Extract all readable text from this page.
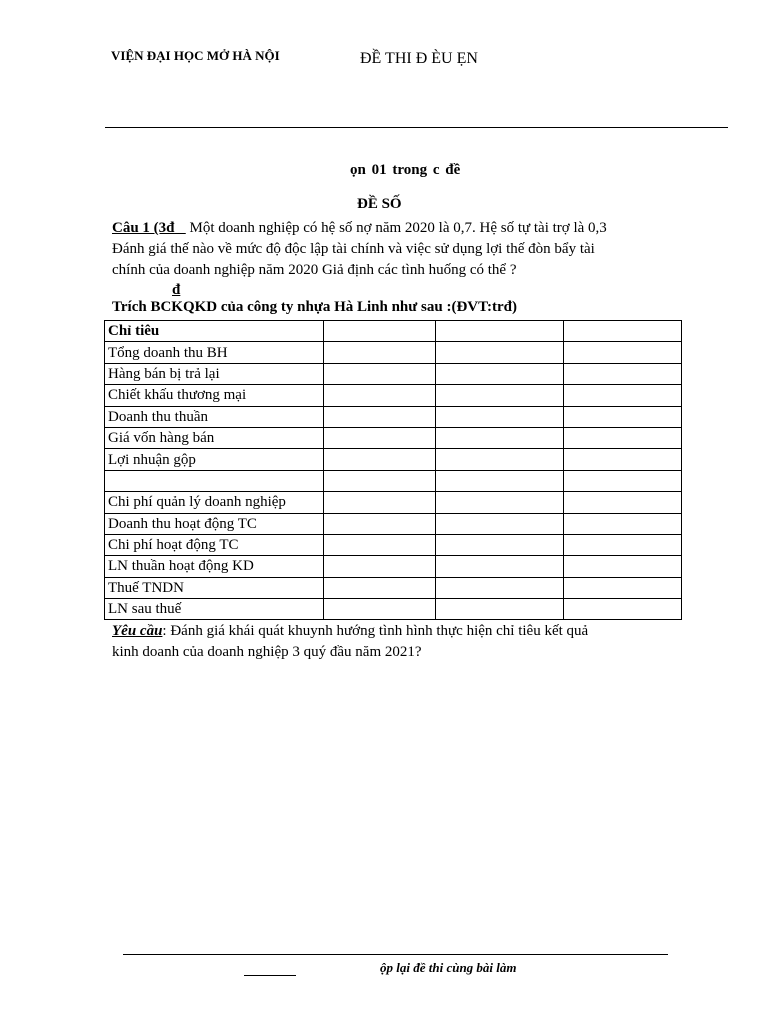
VIỆN ĐẠI HỌC MỞ HÀ NỘI	ĐỀ THI Đ ÈU ẸN
ọn 01 trong c đề
ĐỀ SỐ
Câu 1 (3đ Một doanh nghiệp có hệ số nợ năm 2020 là 0,7. Hệ số tự tài trợ là 0,3
Đánh giá thế nào về mức độ độc lập tài chính và việc sử dụng lợi thế đòn bẩy tài
chính của doanh nghiệp năm 2020 Giả định các tình huống có thể ?
đ
Trích BCKQKD của công ty nhựa Hà Linh như sau :(ĐVT:trđ)
Chỉ tiêu			
Tổng doanh thu BH			
Hàng bán bị trả lại			
Chiết khấu thương mại			
Doanh thu thuần			
Giá vốn hàng bán			
Lợi nhuận gộp			

Chi phí quản lý doanh nghiệp			
Doanh thu hoạt động TC			
Chi phí hoạt động TC			
LN thuần hoạt động KD			
Thuế TNDN			
LN sau thuế			
Yêu cầu: Đánh giá khái quát khuynh hướng tình hình thực hiện chỉ tiêu kết quả
kinh doanh của doanh nghiệp 3 quý đầu năm 2021?
ộp lại đề thi cùng bài làm
